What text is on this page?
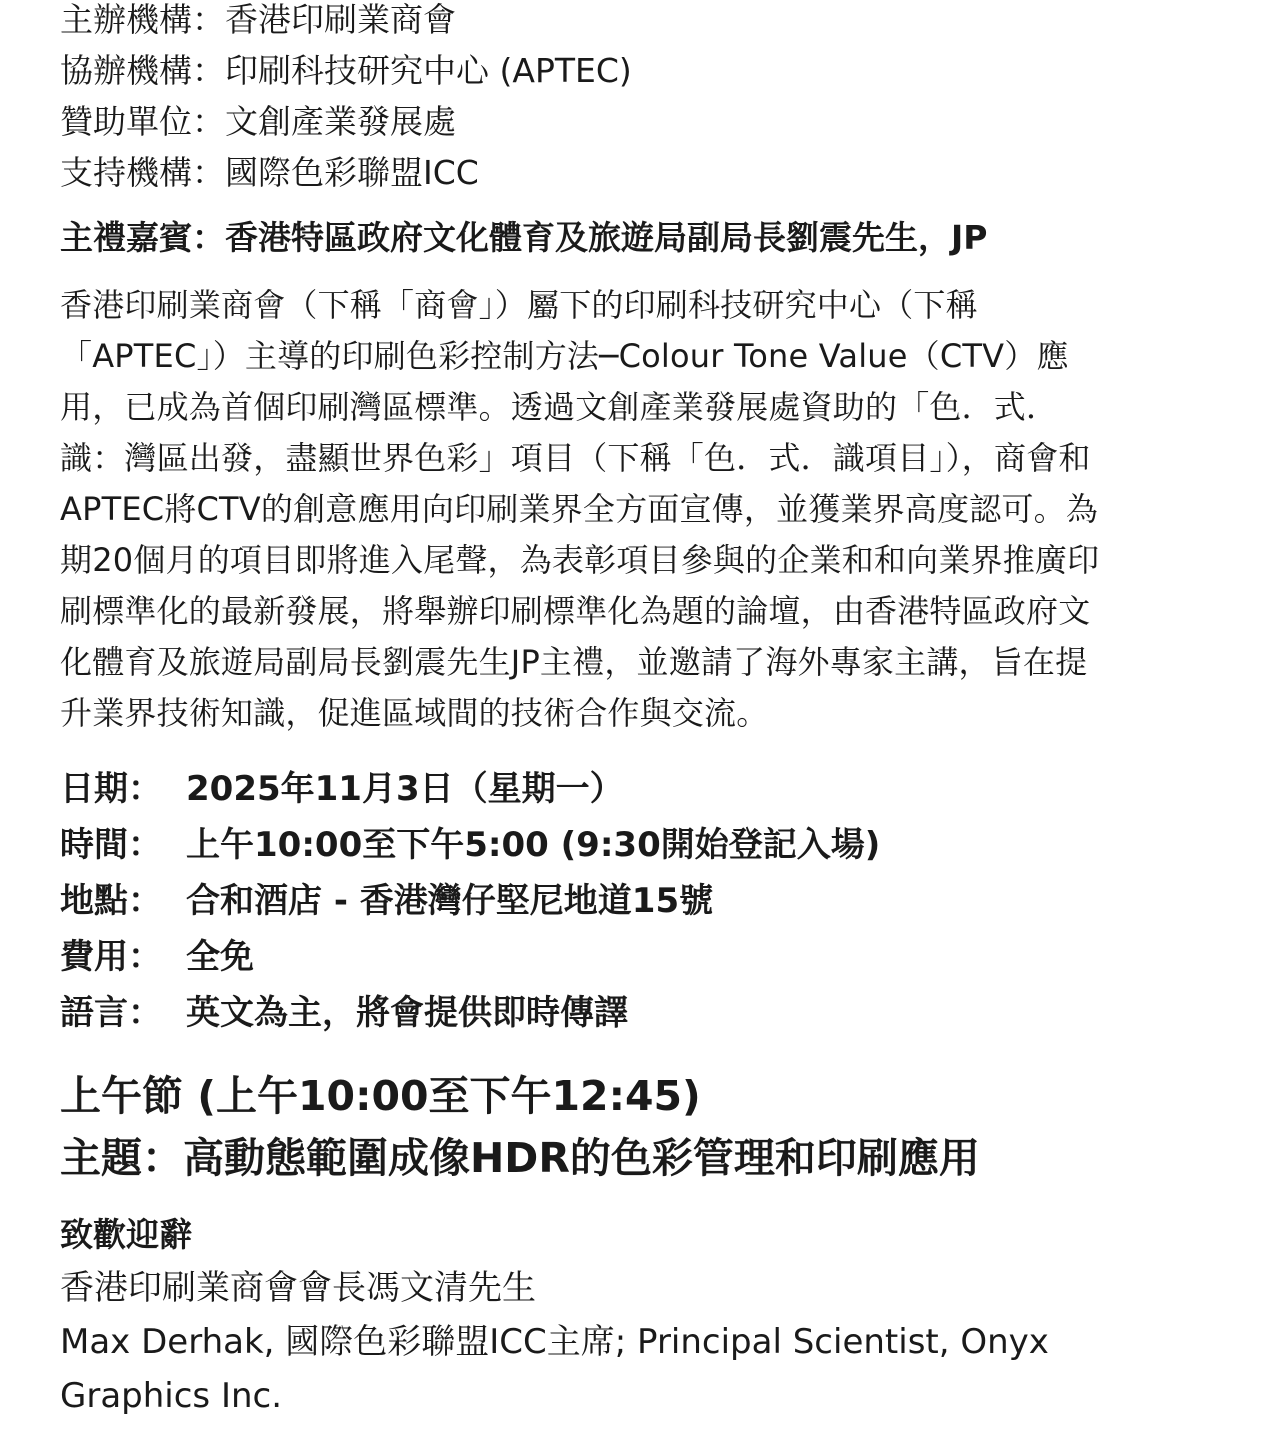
主辦機構：香港印刷業商會
協辦機構：印刷科技研究中心 (APTEC)
贊助單位：文創產業發展處
支持機構：國際色彩聯盟ICC
主禮嘉賓：香港特區政府文化體育及旅遊局副局長劉震先生，JP
香港印刷業商會（下稱「商會」）屬下的印刷科技研究中心（下稱
「APTEC」）主導的印刷色彩控制方法─Colour Tone Value（CTV）應
用，已成為首個印刷灣區標準。透過文創產業發展處資助的「色．式．
識：灣區出發，盡顯世界色彩」項目（下稱「色．式．識項目」），商會和
APTEC將CTV的創意應用向印刷業界全方面宣傳，並獲業界高度認可。為
期20個月的項目即將進入尾聲，為表彰項目參與的企業和和向業界推廣印
刷標準化的最新發展，將舉辦印刷標準化為題的論壇，由香港特區政府文
化體育及旅遊局副局長劉震先生JP主禮，並邀請了海外專家主講，旨在提
升業界技術知識，促進區域間的技術合作與交流。
日期： 2025年11月3日（星期一）
時間： 上午10:00至下午5:00 (9:30開始登記入場)
地點： 合和酒店 - 香港灣仔堅尼地道15號
費用： 全免
語言： 英文為主，將會提供即時傳譯
上午節 (上午10:00至下午12:45)
主題：高動態範圍成像HDR的色彩管理和印刷應用
致歡迎辭
香港印刷業商會會長馮文清先生
Max Derhak, 國際色彩聯盟ICC主席; Principal Scientist, Onyx
Graphics Inc.
